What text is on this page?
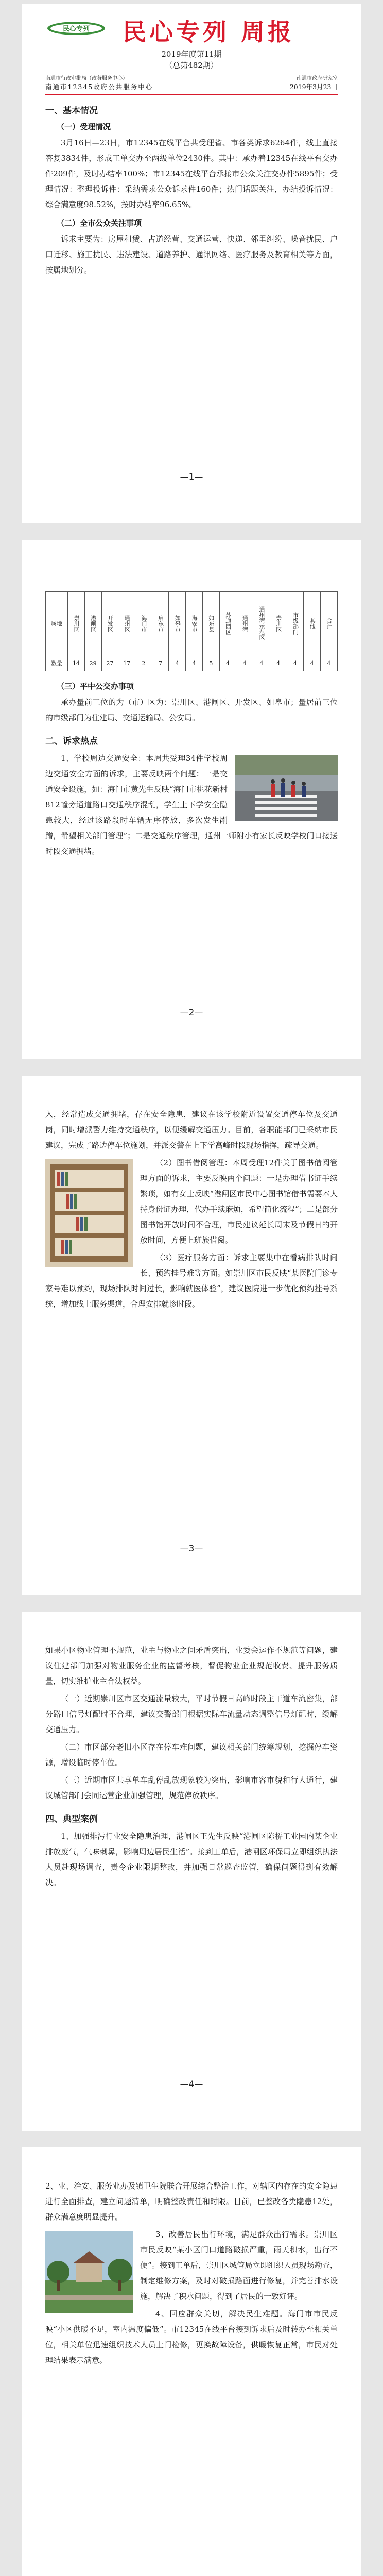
民心专列 民心专列 周报
2019年度第11期
（总第482期）
南通市行政审批局（政务服务中心）	南通市政府研究室
南通市12345政府公共服务中心	2019年3月23日
一、基本情况
（一）受理情况

3月16日—23日，市12345在线平台共受理省、市各类诉求6264件，线上直接答复3834件，形成工单交办至两级单位2430件。其中：承办着12345在线平台交办件209件，及时办结率100%；市12345在线平台承接市公众关注交办件5895件；受理情况：整理投诉件：采纳需求公众诉求件160件；热门话题关注，办结投诉情况：综合满意度98.52%，按时办结率96.65%。

（二）全市公众关注事项

诉求主要为：房屋租赁、占道经营、交通运营、快递、邻里纠纷、噪音扰民、户口迁移、施工扰民、违法建设、道路养护、通讯网络、医疗服务及教育相关等方面，按属地划分。

—1—
属地	崇川区	港闸区	开发区	通州区	海门市	启东市	如皋市	海安市	如东县	苏通园区	通州湾	通州湾示范区	崇川区	市级部门	其他	合计
数量	14	29	27	17	2	7	4	4	5	4	4	4	4	4	4	4
（三）平中公交办事项

承办量前三位的为（市）区为：崇川区、港闸区、开发区、如皋市；量居前三位的市级部门为住建局、交通运输局、公安局。

二、诉求热点

1、学校周边交通安全：本周共受理34件学校周边交通安全方面的诉求，主要反映两个问题：一是交通安全设施，如：海门市黄先生反映“海门市桃花新村812幢旁通道路口交通秩序混乱，学生上下学安全隐患较大，经过该路段时车辆无序停放，多次发生剐蹭，希望相关部门管理”；二是交通秩序管理，通州一师附小有家长反映学校门口接送时段交通拥堵。

—2—

入，经常造成交通拥堵，存在安全隐患，建议在该学校附近设置交通停车位及交通岗，同时增派警力维持交通秩序，以便缓解交通压力。目前，各职能部门已采纳市民建议，完成了路边停车位施划，并派交警在上下学高峰时段现场指挥，疏导交通。

（2）图书借阅管理：本周受理12件关于图书借阅管理方面的诉求，主要反映两个问题：一是办理借书证手续繁琐，如有女士反映“港闸区市民中心图书馆借书需要本人持身份证办理，代办手续麻烦，希望简化流程”；二是部分图书馆开放时间不合理，市民建议延长周末及节假日的开放时间，方便上班族借阅。

（3）医疗服务方面：诉求主要集中在看病排队时间长、预约挂号难等方面。如崇川区市民反映“某医院门诊专家号难以预约，现场排队时间过长，影响就医体验”，建议医院进一步优化预约挂号系统，增加线上服务渠道，合理安排就诊时段。

—3—

如果小区物业管理不规范，业主与物业之间矛盾突出，业委会运作不规范等问题，建议住建部门加强对物业服务企业的监督考核，督促物业企业规范收费、提升服务质量，切实维护业主合法权益。

（一）近期崇川区市区交通流量较大，平时节假日高峰时段主干道车流密集，部分路口信号灯配时不合理，建议交警部门根据实际车流量动态调整信号灯配时，缓解交通压力。

（二）市区部分老旧小区存在停车难问题，建议相关部门统筹规划，挖掘停车资源，增设临时停车位。

（三）近期市区共享单车乱停乱放现象较为突出，影响市容市貌和行人通行，建议城管部门会同运营企业加强管理，规范停放秩序。

四、典型案例

1、加强排污行业安全隐患治理，港闸区王先生反映“港闸区陈桥工业园内某企业排放废气，气味刺鼻，影响周边居民生活”。接到工单后，港闸区环保局立即组织执法人员赴现场调查，责令企业限期整改，并加强日常巡查监管，确保问题得到有效解决。

—4—

2、业、治安、服务业办及镇卫生院联合开展综合整治工作，对辖区内存在的安全隐患进行全面排查，建立问题清单，明确整改责任和时限。目前，已整改各类隐患12处，群众满意度明显提升。

3、改善居民出行环境，满足群众出行需求。崇川区市民反映“某小区门口道路破损严重，雨天积水，出行不便”。接到工单后，崇川区城管局立即组织人员现场勘查，制定维修方案，及时对破损路面进行修复，并完善排水设施，解决了积水问题，得到了居民的一致好评。

4、回应群众关切，解决民生难题。海门市市民反映“小区供暖不足，室内温度偏低”。市12345在线平台接到诉求后及时转办至相关单位，相关单位迅速组织技术人员上门检修，更换故障设备，供暖恢复正常，市民对处理结果表示满意。
